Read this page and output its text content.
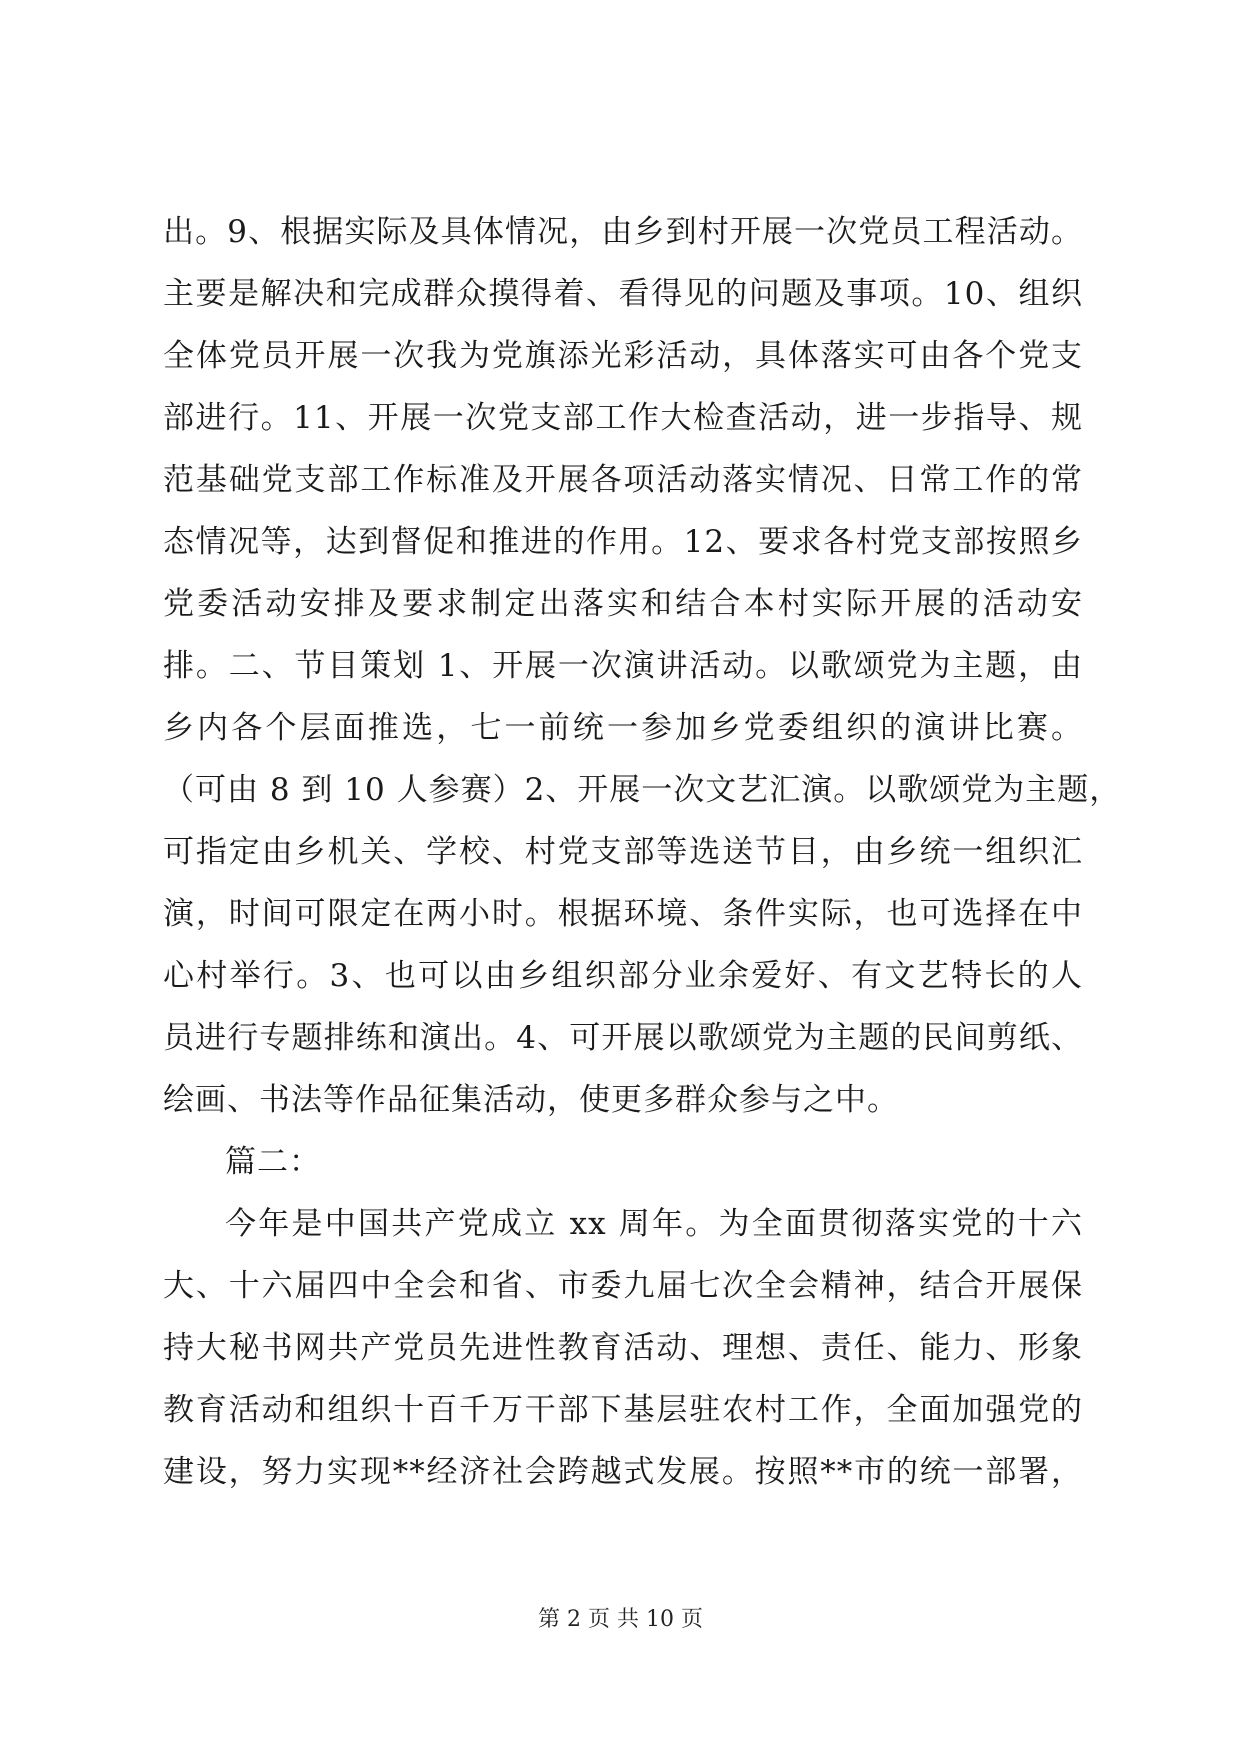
出。9、根据实际及具体情况，由乡到村开展一次党员工程活动。
主要是解决和完成群众摸得着、看得见的问题及事项。10、组织
全体党员开展一次我为党旗添光彩活动，具体落实可由各个党支
部进行。11、开展一次党支部工作大检查活动，进一步指导、规
范基础党支部工作标准及开展各项活动落实情况、日常工作的常
态情况等，达到督促和推进的作用。12、要求各村党支部按照乡
党委活动安排及要求制定出落实和结合本村实际开展的活动安
排。二、节目策划 1、开展一次演讲活动。以歌颂党为主题，由
乡内各个层面推选，七一前统一参加乡党委组织的演讲比赛。
（可由 8 到 10 人参赛）2、开展一次文艺汇演。以歌颂党为主题，
可指定由乡机关、学校、村党支部等选送节目，由乡统一组织汇
演，时间可限定在两小时。根据环境、条件实际，也可选择在中
心村举行。3、也可以由乡组织部分业余爱好、有文艺特长的人
员进行专题排练和演出。4、可开展以歌颂党为主题的民间剪纸、
绘画、书法等作品征集活动，使更多群众参与之中。
篇二：
今年是中国共产党成立 xx 周年。为全面贯彻落实党的十六
大、十六届四中全会和省、市委九届七次全会精神，结合开展保
持大秘书网共产党员先进性教育活动、理想、责任、能力、形象
教育活动和组织十百千万干部下基层驻农村工作，全面加强党的
建设，努力实现**经济社会跨越式发展。按照**市的统一部署，
第 2 页 共 10 页
